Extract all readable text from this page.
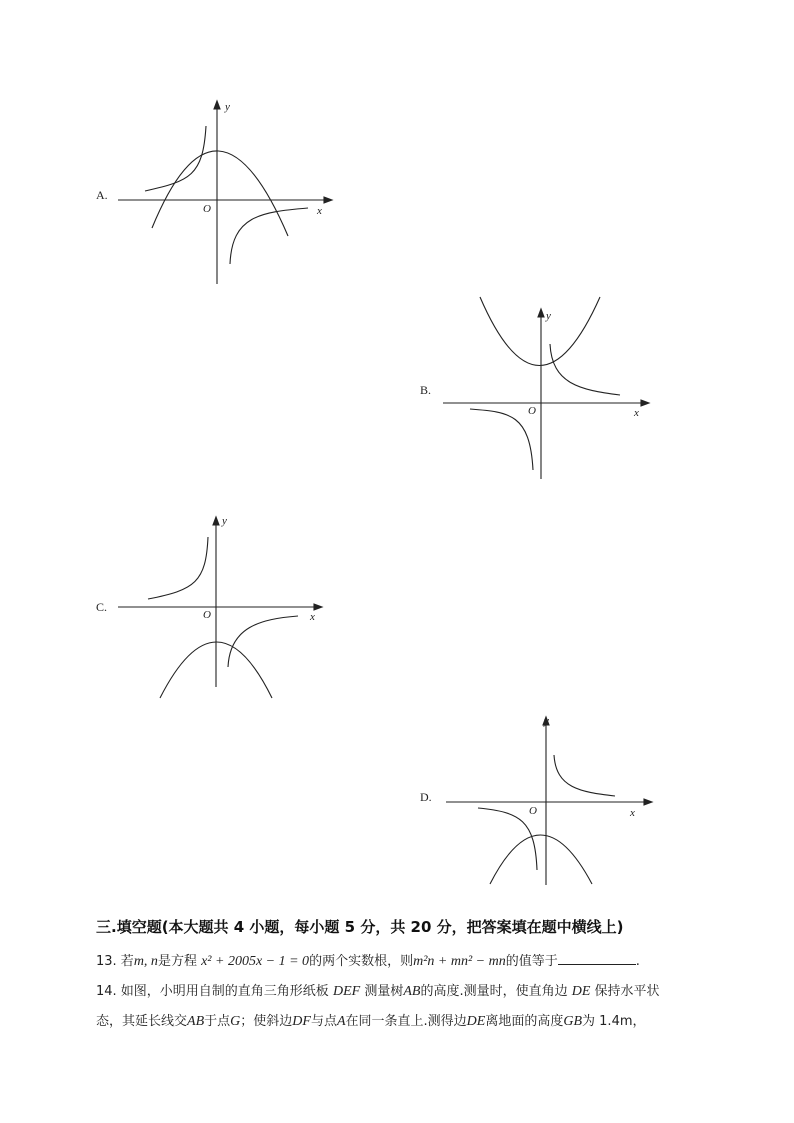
A.
y
x
O
B.
y
x
O
C.
y
x
O
D.
y
x
O
三.填空题(本大题共 4 小题，每小题 5 分，共 20 分，把答案填在题中横线上)
13. 若m, n是方程 x² + 2005x − 1 = 0的两个实数根，则m²n + mn² − mn的值等于	.
14. 如图，小明用自制的直角三角形纸板 DEF 测量树AB的高度.测量时，使直角边 DE 保持水平状
态，其延长线交AB于点G；使斜边DF与点A在同一条直上.测得边DE离地面的高度GB为 1.4m，
